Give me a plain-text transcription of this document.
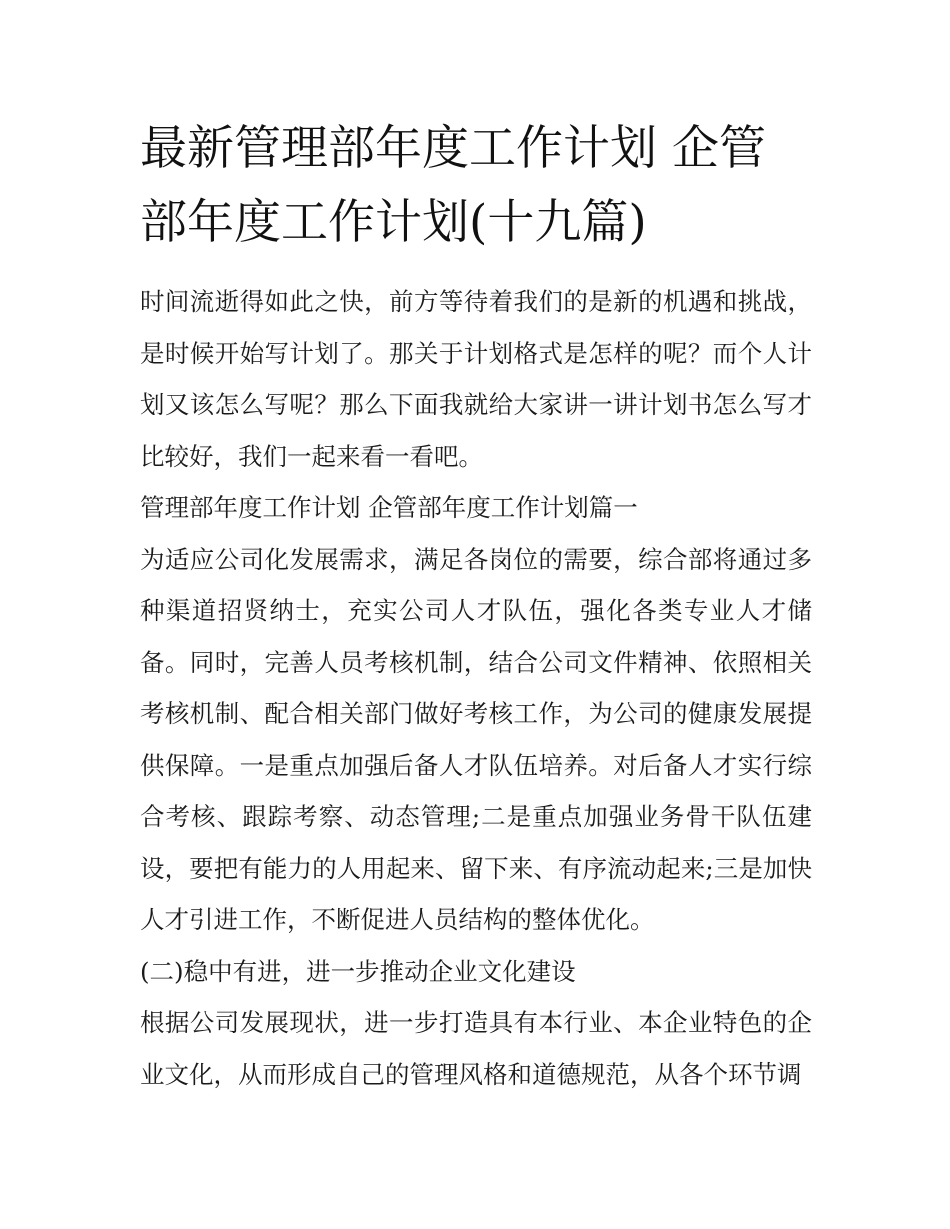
最新管理部年度工作计划 企管部年度工作计划(十九篇)

时间流逝得如此之快，前方等待着我们的是新的机遇和挑战，是时候开始写计划了。那关于计划格式是怎样的呢？而个人计划又该怎么写呢？那么下面我就给大家讲一讲计划书怎么写才比较好，我们一起来看一看吧。

管理部年度工作计划 企管部年度工作计划篇一

为适应公司化发展需求，满足各岗位的需要，综合部将通过多种渠道招贤纳士，充实公司人才队伍，强化各类专业人才储备。同时，完善人员考核机制，结合公司文件精神、依照相关考核机制、配合相关部门做好考核工作，为公司的健康发展提供保障。一是重点加强后备人才队伍培养。对后备人才实行综合考核、跟踪考察、动态管理;二是重点加强业务骨干队伍建设，要把有能力的人用起来、留下来、有序流动起来;三是加快人才引进工作，不断促进人员结构的整体优化。

(二)稳中有进，进一步推动企业文化建设

根据公司发展现状，进一步打造具有本行业、本企业特色的企业文化，从而形成自己的管理风格和道德规范，从各个环节调
